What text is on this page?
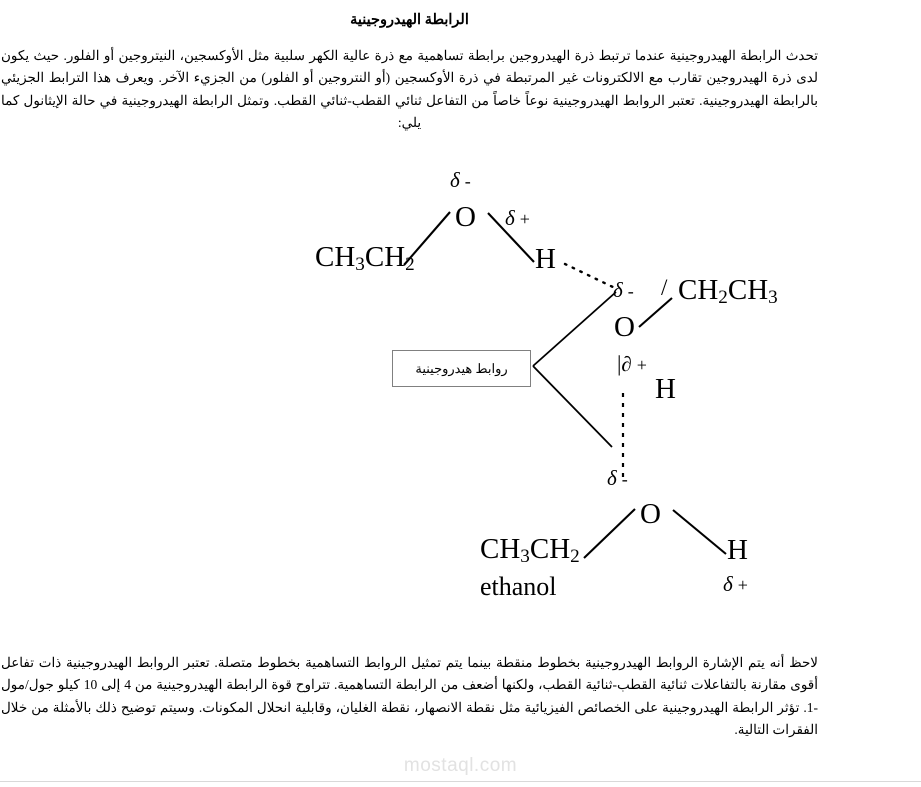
الرابطة الهيدروجينية
تحدث الرابطة الهيدروجينية عندما ترتبط ذرة الهيدروجين برابطة تساهمية مع ذرة عالية الكهر سلبية مثل الأوكسجين، النيتروجين أو الفلور. حيث يكون لدى ذرة الهيدروجين تقارب مع الالكترونات غير المرتبطة في ذرة الأوكسجين (أو النتروجين أو الفلور) من الجزيء الآخر. ويعرف هذا الترابط الجزيئي بالرابطة الهيدروجينية. تعتبر الروابط الهيدروجينية نوعاً خاصاً من التفاعل ثنائي القطب-ثنائي القطب. وتمثل الرابطة الهيدروجينية في حالة الإيثانول كما يلي:
$CH_3CH_2$
δ -
O δ +
H
δ - / $CH_2CH_3$
O
|∂ +
H
روابط هيدروجينية
δ -
$CH_3CH_2$
ethanol
O
H
δ +
لاحظ أنه يتم الإشارة الروابط الهيدروجينية بخطوط منقطة بينما يتم تمثيل الروابط التساهمية بخطوط متصلة. تعتبر الروابط الهيدروجينية ذات تفاعل أقوى مقارنة بالتفاعلات ثنائية القطب-ثنائية القطب، ولكنها أضعف من الرابطة التساهمية. تتراوح قوة الرابطة الهيدروجينية من 4 إلى 10 كيلو جول/مول -1. تؤثر الرابطة الهيدروجينية على الخصائص الفيزيائية مثل نقطة الانصهار، نقطة الغليان، وقابلية انحلال المكونات. وسيتم توضيح ذلك بالأمثلة من خلال الفقرات التالية.
mostaql.com
